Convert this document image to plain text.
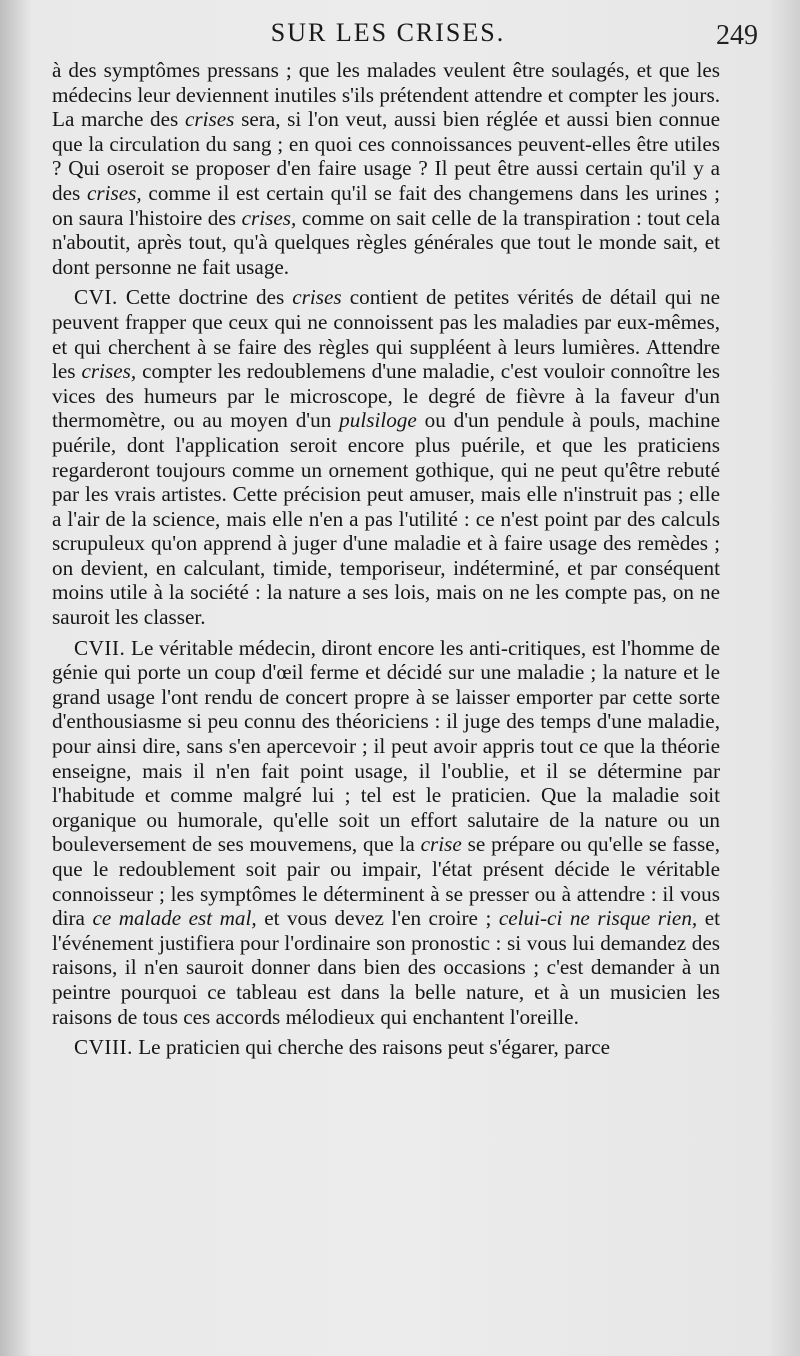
SUR LES CRISES.	249

à des symptômes pressans ; que les malades veulent être soulagés, et que les médecins leur deviennent inutiles s'ils prétendent attendre et compter les jours. La marche des crises sera, si l'on veut, aussi bien réglée et aussi bien connue que la circulation du sang ; en quoi ces connoissances peuvent-elles être utiles ? Qui oseroit se proposer d'en faire usage ? Il peut être aussi certain qu'il y a des crises, comme il est certain qu'il se fait des changemens dans les urines ; on saura l'histoire des crises, comme on sait celle de la transpiration : tout cela n'aboutit, après tout, qu'à quelques règles générales que tout le monde sait, et dont personne ne fait usage.

CVI. Cette doctrine des crises contient de petites vérités de détail qui ne peuvent frapper que ceux qui ne connoissent pas les maladies par eux-mêmes, et qui cherchent à se faire des règles qui suppléent à leurs lumières. Attendre les crises, compter les redoublemens d'une maladie, c'est vouloir connoître les vices des humeurs par le microscope, le degré de fièvre à la faveur d'un thermomètre, ou au moyen d'un pulsiloge ou d'un pendule à pouls, machine puérile, dont l'application seroit encore plus puérile, et que les praticiens regarderont toujours comme un ornement gothique, qui ne peut qu'être rebuté par les vrais artistes. Cette précision peut amuser, mais elle n'instruit pas ; elle a l'air de la science, mais elle n'en a pas l'utilité : ce n'est point par des calculs scrupuleux qu'on apprend à juger d'une maladie et à faire usage des remèdes ; on devient, en calculant, timide, temporiseur, indéterminé, et par conséquent moins utile à la société : la nature a ses lois, mais on ne les compte pas, on ne sauroit les classer.

CVII. Le véritable médecin, diront encore les anti-critiques, est l'homme de génie qui porte un coup d'œil ferme et décidé sur une maladie ; la nature et le grand usage l'ont rendu de concert propre à se laisser emporter par cette sorte d'enthousiasme si peu connu des théoriciens : il juge des temps d'une maladie, pour ainsi dire, sans s'en apercevoir ; il peut avoir appris tout ce que la théorie enseigne, mais il n'en fait point usage, il l'oublie, et il se détermine par l'habitude et comme malgré lui ; tel est le praticien. Que la maladie soit organique ou humorale, qu'elle soit un effort salutaire de la nature ou un bouleversement de ses mouvemens, que la crise se prépare ou qu'elle se fasse, que le redoublement soit pair ou impair, l'état présent décide le véritable connoisseur ; les symptômes le déterminent à se presser ou à attendre : il vous dira ce malade est mal, et vous devez l'en croire ; celui-ci ne risque rien, et l'événement justifiera pour l'ordinaire son pronostic : si vous lui demandez des raisons, il n'en sauroit donner dans bien des occasions ; c'est demander à un peintre pourquoi ce tableau est dans la belle nature, et à un musicien les raisons de tous ces accords mélodieux qui enchantent l'oreille.

CVIII. Le praticien qui cherche des raisons peut s'égarer, parce
